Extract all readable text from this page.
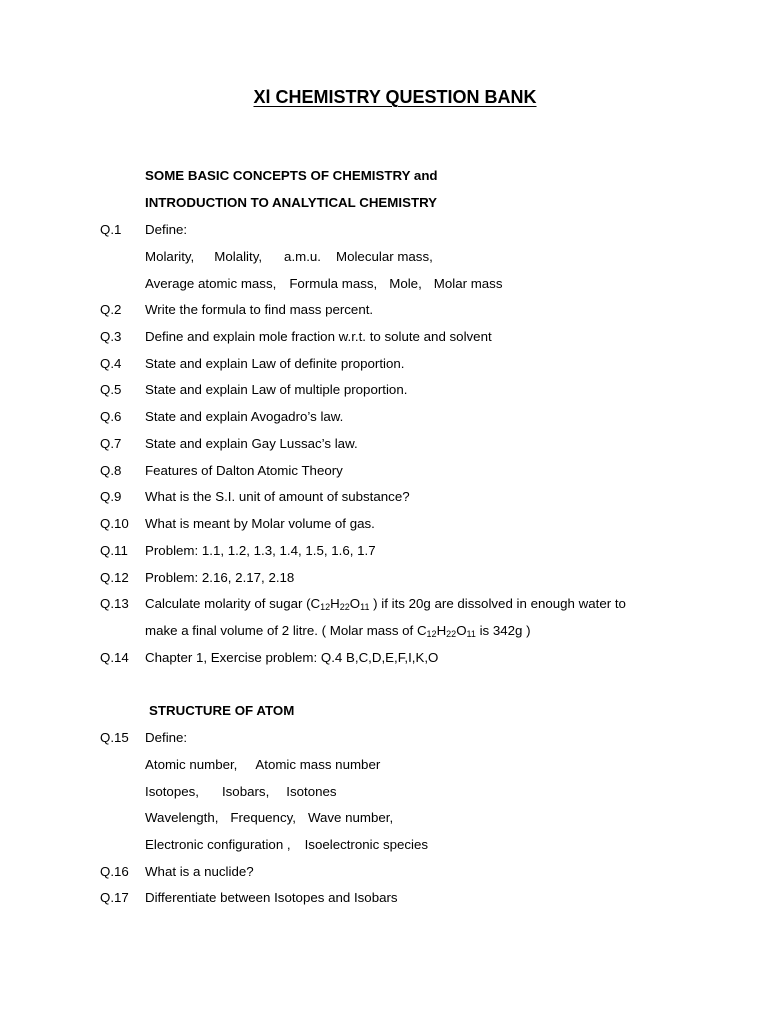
Xl CHEMISTRY QUESTION BANK
SOME BASIC CONCEPTS OF CHEMISTRY and
INTRODUCTION TO ANALYTICAL CHEMISTRY
Q.1 Define:
Molarity, Molality, a.m.u. Molecular mass,
Average atomic mass, Formula mass, Mole, Molar mass
Q.2 Write the formula to find mass percent.
Q.3 Define and explain mole fraction w.r.t. to solute and solvent
Q.4 State and explain Law of definite proportion.
Q.5 State and explain Law of multiple proportion.
Q.6 State and explain Avogadro’s law.
Q.7 State and explain Gay Lussac’s law.
Q.8 Features of Dalton Atomic Theory
Q.9 What is the S.I. unit of amount of substance?
Q.10 What is meant by Molar volume of gas.
Q.11 Problem: 1.1, 1.2, 1.3, 1.4, 1.5, 1.6, 1.7
Q.12 Problem: 2.16, 2.17, 2.18
Q.13 Calculate molarity of sugar ($C_{12}H_{22}O_{11}$ ) if its 20g are dissolved in enough water to
make a final volume of 2 litre. ( Molar mass of $C_{12}H_{22}O_{11}$ is 342g )
Q.14 Chapter 1, Exercise problem: Q.4 B,C,D,E,F,I,K,O
STRUCTURE OF ATOM
Q.15 Define:
Atomic number, Atomic mass number
Isotopes, Isobars, Isotones
Wavelength, Frequency, Wave number,
Electronic configuration , Isoelectronic species
Q.16 What is a nuclide?
Q.17 Differentiate between Isotopes and Isobars
